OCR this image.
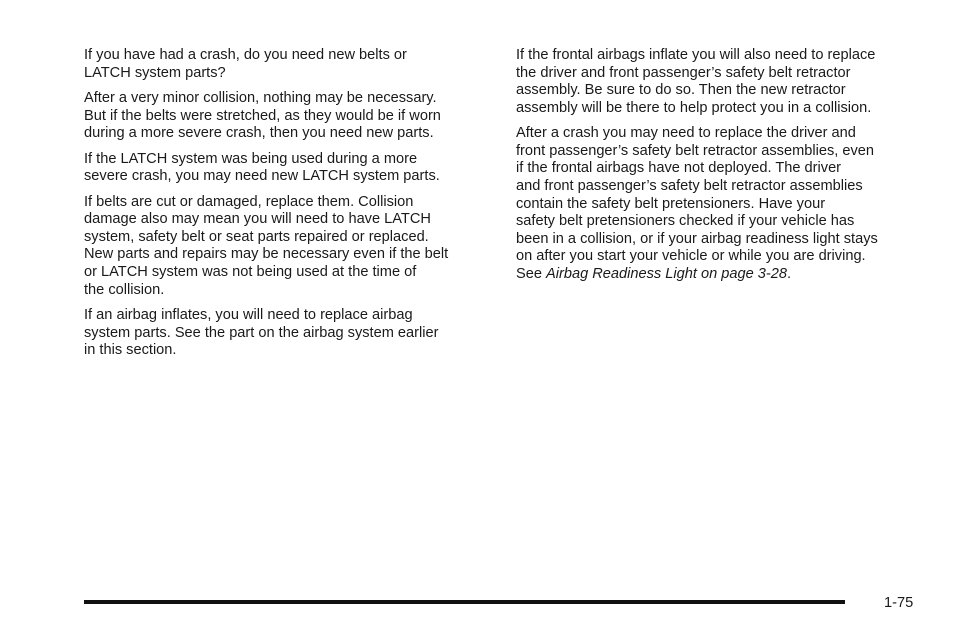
If you have had a crash, do you need new belts or
LATCH system parts?

After a very minor collision, nothing may be necessary.
But if the belts were stretched, as they would be if worn
during a more severe crash, then you need new parts.

If the LATCH system was being used during a more
severe crash, you may need new LATCH system parts.

If belts are cut or damaged, replace them. Collision
damage also may mean you will need to have LATCH
system, safety belt or seat parts repaired or replaced.
New parts and repairs may be necessary even if the belt
or LATCH system was not being used at the time of
the collision.

If an airbag inflates, you will need to replace airbag
system parts. See the part on the airbag system earlier
in this section.

If the frontal airbags inflate you will also need to replace
the driver and front passenger’s safety belt retractor
assembly. Be sure to do so. Then the new retractor
assembly will be there to help protect you in a collision.

After a crash you may need to replace the driver and
front passenger’s safety belt retractor assemblies, even
if the frontal airbags have not deployed. The driver
and front passenger’s safety belt retractor assemblies
contain the safety belt pretensioners. Have your
safety belt pretensioners checked if your vehicle has
been in a collision, or if your airbag readiness light stays
on after you start your vehicle or while you are driving.
See Airbag Readiness Light on page 3-28.

1-75
